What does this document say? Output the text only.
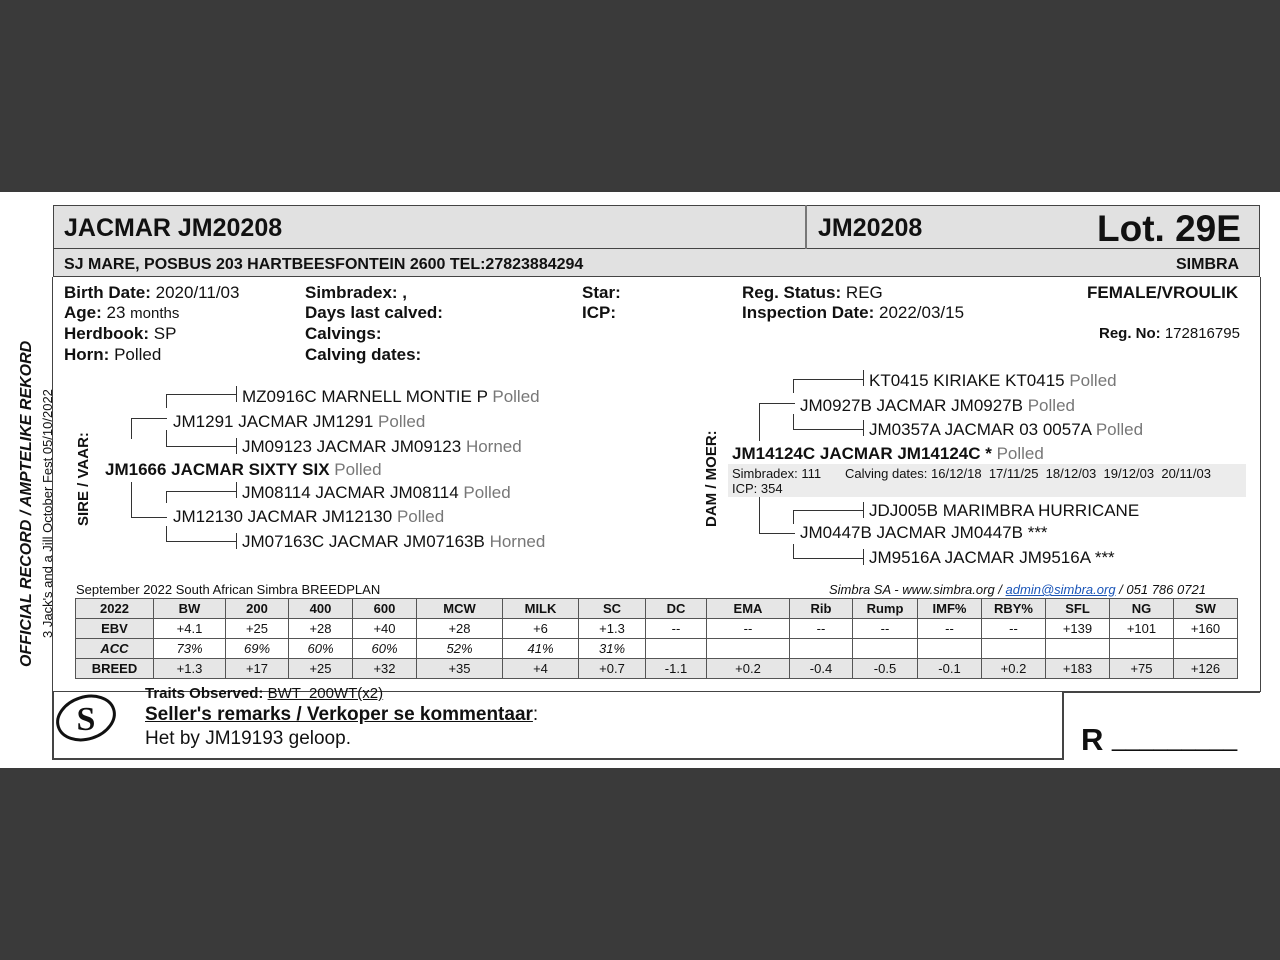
JACMAR JM20208	JM20208	Lot. 29E
SJ MARE, POSBUS 203 HARTBEESFONTEIN 2600 TEL:27823884294	SIMBRA
Birth Date: 2020/11/03
Age: 23 months
Herdbook: SP
Horn: Polled
Simbradex: ,
Days last calved:
Calvings:
Calving dates:
Star:
ICP:
Reg. Status: REG
Inspection Date: 2022/03/15
FEMALE/VROULIK
Reg. No: 172816795
OFFICIAL RECORD / AMPTELIKE REKORD 3 Jack's and a Jill October Fest 05/10/2022 SIRE / VAAR: JM1666 JACMAR SIXTY SIX Polled
JM1291 JACMAR JM1291 Polled
JM12130 JACMAR JM12130 Polled
MZ0916C MARNELL MONTIE P Polled
JM09123 JACMAR JM09123 Horned
JM08114 JACMAR JM08114 Polled
JM07163C JACMAR JM07163B Horned
DAM / MOER:
KT0415 KIRIAKE KT0415 Polled
JM0927B JACMAR JM0927B Polled
JM0357A JACMAR 03 0057A Polled
JM14124C JACMAR JM14124C * Polled
Simbradex: 111 Calving dates: 16/12/18  17/11/25  18/12/03  19/12/03  20/11/03
ICP: 354
JM0447B JACMAR JM0447B ***
JDJ005B MARIMBRA HURRICANE
JM9516A JACMAR JM9516A ***
September 2022 South African Simbra BREEDPLAN	Simbra SA - www.simbra.org / admin@simbra.org / 051 786 0721
2022	BW	200	400	600	MCW	MILK	SC	DC	EMA	Rib	Rump	IMF%	RBY%	SFL	NG	SW
EBV	+4.1	+25	+28	+40	+28	+6	+1.3	--	--	--	--	--	--	+139	+101	+160
ACC	73%	69%	60%	60%	52%	41%	31%									
BREED	+1.3	+17	+25	+32	+35	+4	+0.7	-1.1	+0.2	-0.4	-0.5	-0.1	+0.2	+183	+75	+126
S
Traits Observed: BWT  200WT(x2)
Seller's remarks / Verkoper se kommentaar:
Het by JM19193 geloop.	R _________
